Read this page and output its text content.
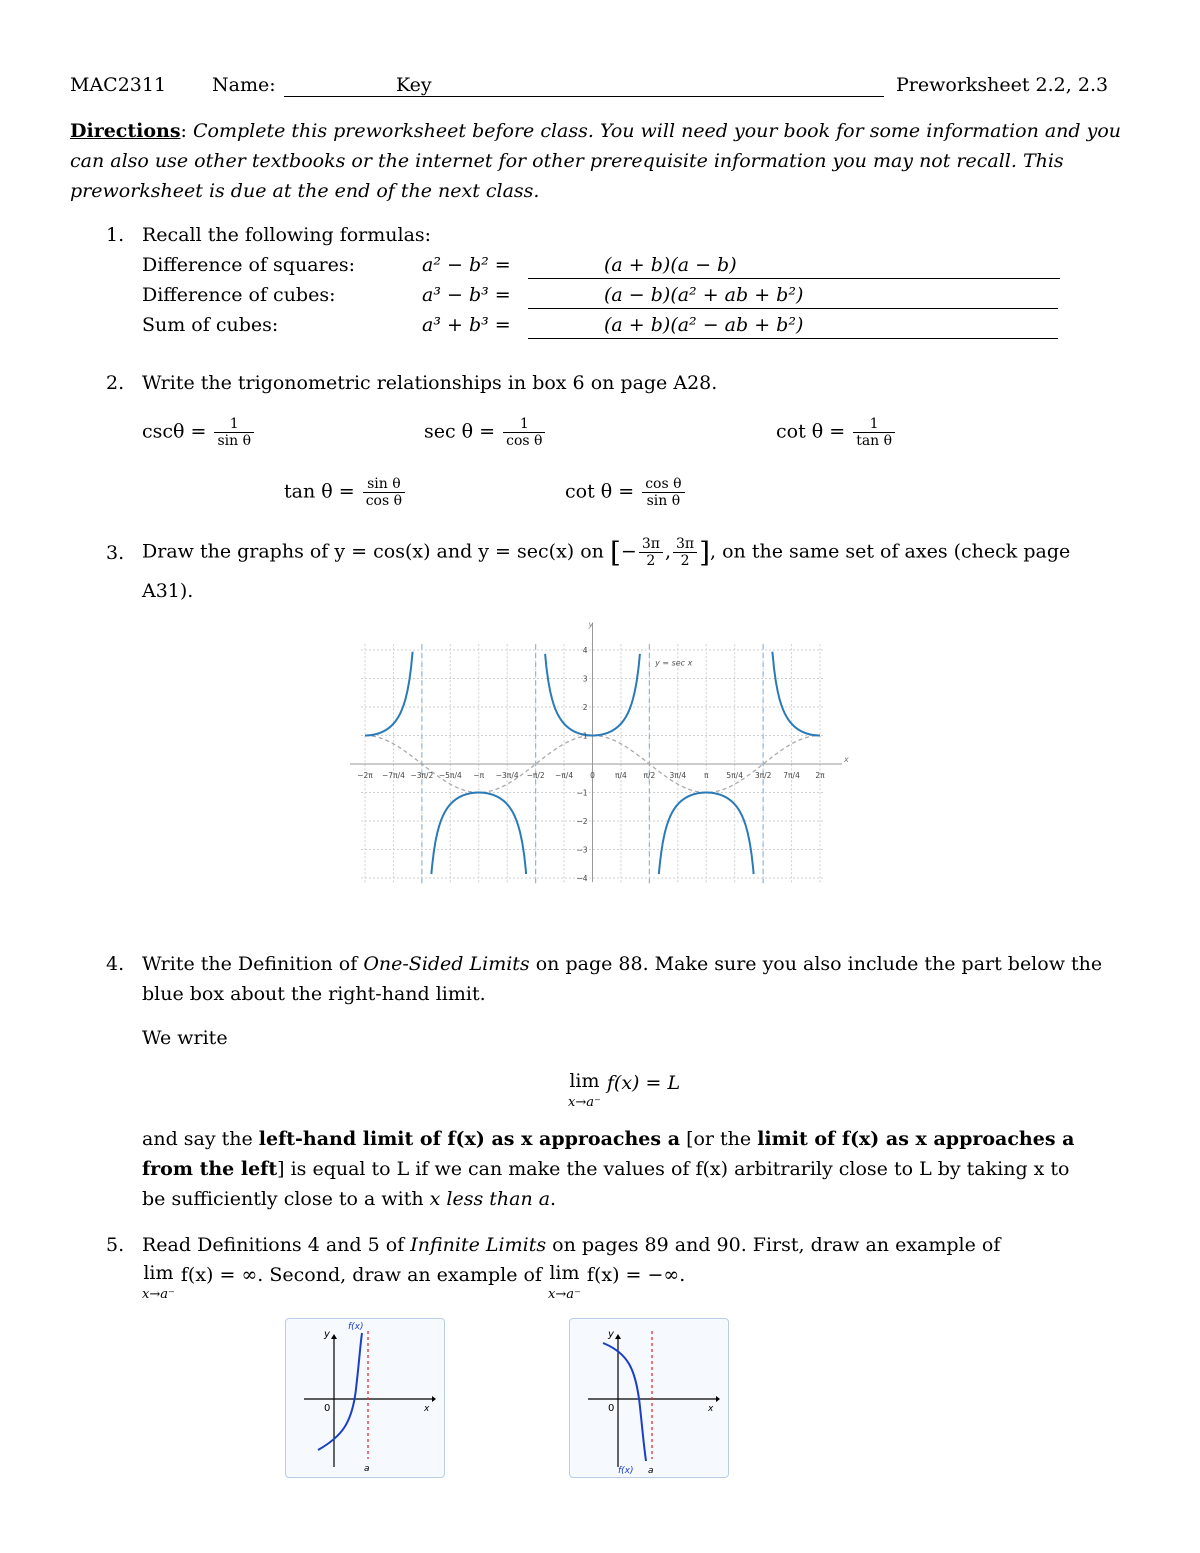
MAC2311 Name:	Key	Preworksheet 2.2, 2.3
Directions: Complete this preworksheet before class. You will need your book for some information and you
can also use other textbooks or the internet for other prerequisite information you may not recall. This
preworksheet is due at the end of the next class.
1. Recall the following formulas:
Difference of squares:	a² − b² =	(a + b)(a − b)
Difference of cubes:	a³ − b³ =	(a − b)(a² + ab + b²)
Sum of cubes:	a³ + b³ =	(a + b)(a² − ab + b²)
2. Write the trigonometric relationships in box 6 on page A28.
$\csc\theta = \frac{1}{\text{sin θ}}$	$\sec \theta = \frac{1}{\text{cos θ}}$	$\cot \theta = \frac{1}{\text{tan θ}}$
$\tan \theta = \frac{\text{sin θ}}{\text{cos θ}}$	$\cot \theta = \frac{\text{cos θ}}{\text{sin θ}}$
3. Draw the graphs of y = cos(x) and y = sec(x) on [− $\frac{3\pi}{2}$ , $\frac{3\pi}{2}$ ], on the same set of axes (check page
A31).
x
y
−2π −7π/4 −3π/2 −5π/4 −π −3π/4 −π/2 −π/4 0	π/4 π/2 3π/4 π 5π/4 3π/2 7π/4 2π
4
3
2
1
−1
−2
−3
−4
y = sec x
4. Write the Definition of One-Sided Limits on page 88. Make sure you also include the part below the
blue box about the right-hand limit.
We write
lim
x→a⁻ f(x) = L
and say the left-hand limit of f(x) as x approaches a [or the limit of f(x) as x approaches a
from the left] is equal to L if we can make the values of f(x) arbitrarily close to L by taking x to
be sufficiently close to a with x less than a.
5. Read Definitions 4 and 5 of Infinite Limits on pages 89 and 90. First, draw an example of
lim
x→a⁻ f(x) = ∞. Second, draw an example of lim
x→a⁻ f(x) = −∞.
y
f(x)
x
0
a
y
x
0
f(x) a
